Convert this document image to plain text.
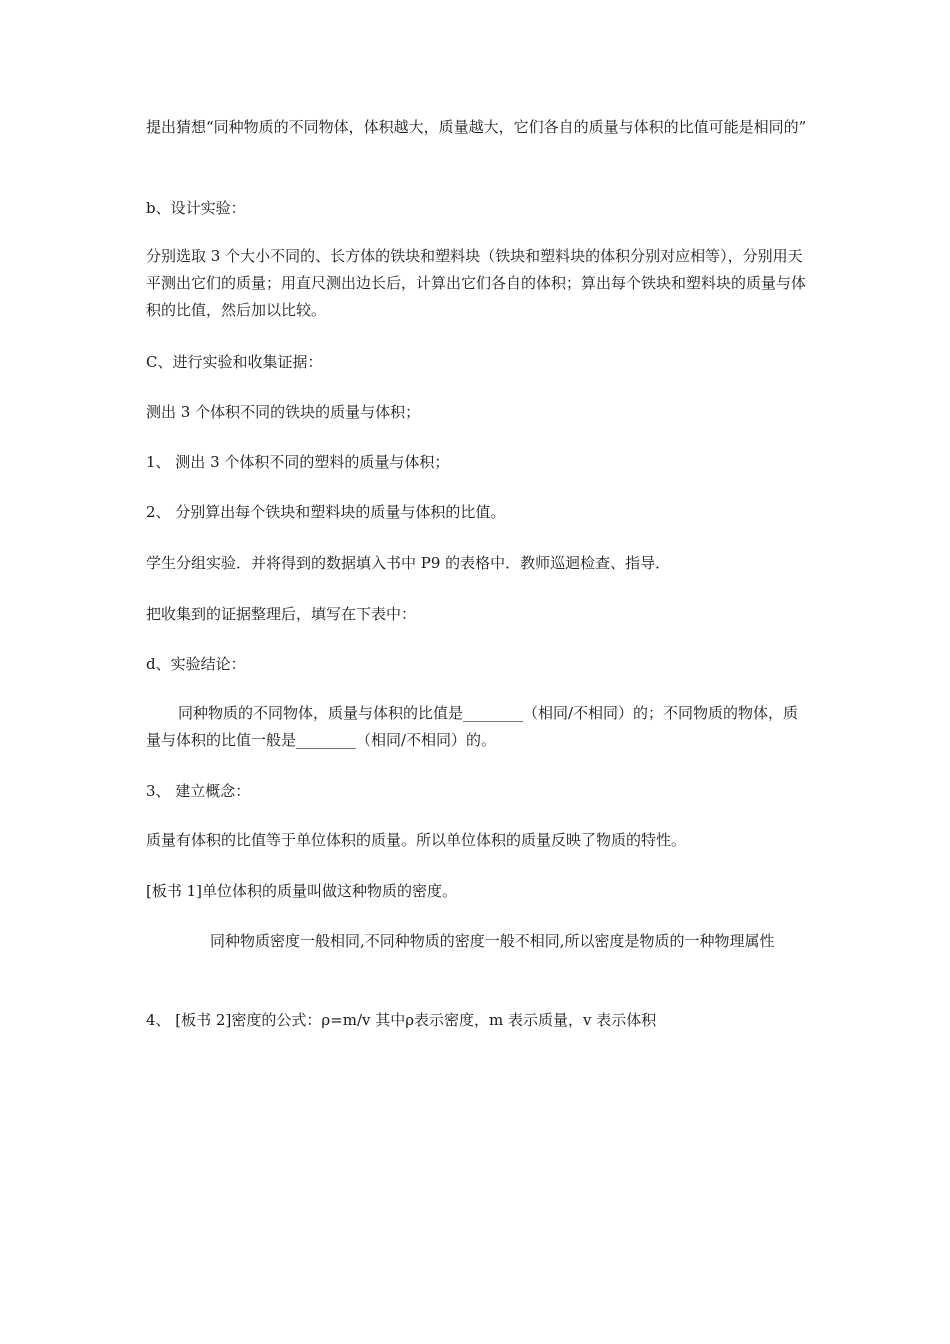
提出猜想“同种物质的不同物体，体积越大，质量越大，它们各自的质量与体积的比值可能是相同的”

b、设计实验：

分别选取 3 个大小不同的、长方体的铁块和塑料块（铁块和塑料块的体积分别对应相等），分别用天平测出它们的质量；用直尺测出边长后，计算出它们各自的体积；算出每个铁块和塑料块的质量与体积的比值，然后加以比较。

C、进行实验和收集证据：

测出 3 个体积不同的铁块的质量与体积；

1、 测出 3 个体积不同的塑料的质量与体积；

2、 分别算出每个铁块和塑料块的质量与体积的比值。

学生分组实验．并将得到的数据填入书中 P9 的表格中．教师巡迴检查、指导．

把收集到的证据整理后，填写在下表中：

d、实验结论：

同种物质的不同物体，质量与体积的比值是________（相同/不相同）的；不同物质的物体，质量与体积的比值一般是________（相同/不相同）的。

3、 建立概念：

质量有体积的比值等于单位体积的质量。所以单位体积的质量反映了物质的特性。

[板书 1]单位体积的质量叫做这种物质的密度。

同种物质密度一般相同,不同种物质的密度一般不相同,所以密度是物质的一种物理属性

4、 [板书 2]密度的公式：ρ=m/v 其中ρ表示密度，m 表示质量，v 表示体积
